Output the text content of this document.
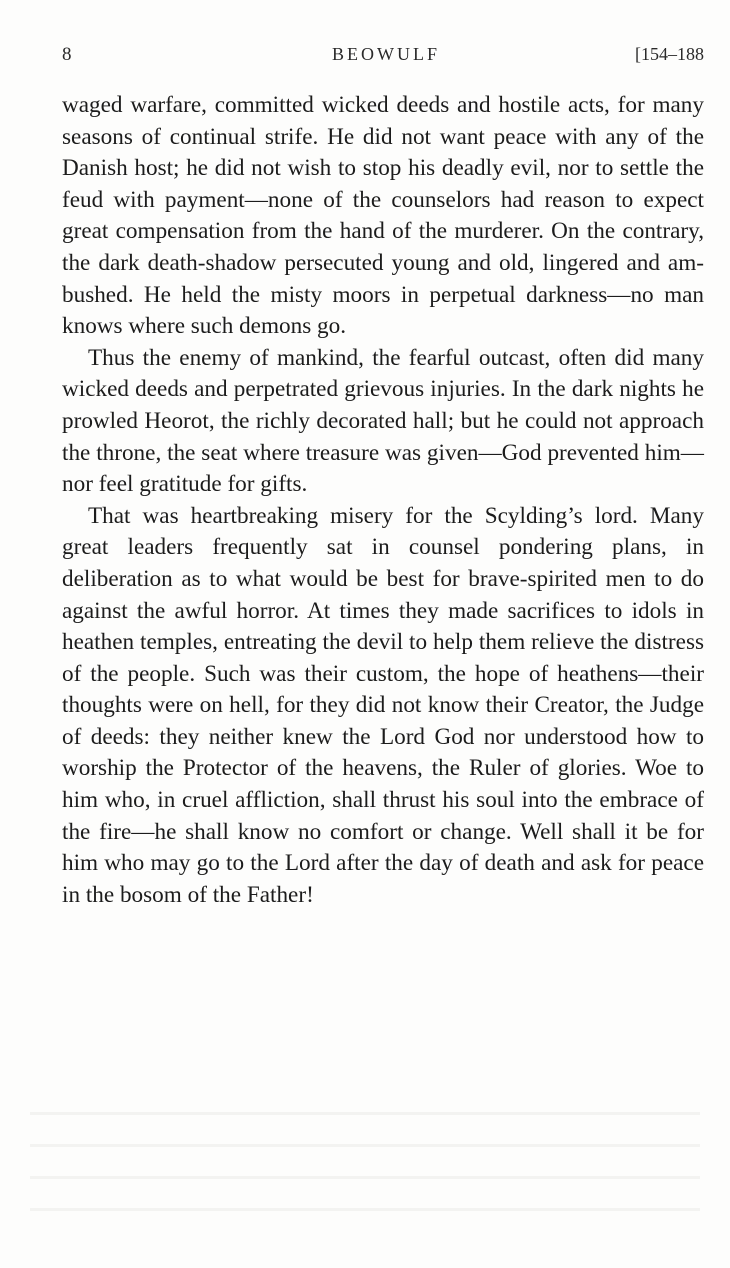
8	BEOWULF	[154–188

waged warfare, committed wicked deeds and hostile acts, for many seasons of continual strife. He did not want peace with any of the Danish host; he did not wish to stop his deadly evil, nor to settle the feud with payment—none of the counselors had reason to expect great compensation from the hand of the murderer. On the contrary, the dark death-shadow persecuted young and old, lingered and ambushed. He held the misty moors in perpetual darkness—no man knows where such demons go.

Thus the enemy of mankind, the fearful outcast, often did many wicked deeds and perpetrated grievous injuries. In the dark nights he prowled Heorot, the richly decorated hall; but he could not approach the throne, the seat where treasure was given—God prevented him—nor feel gratitude for gifts.

That was heartbreaking misery for the Scylding’s lord. Many great leaders frequently sat in counsel pondering plans, in deliberation as to what would be best for brave-spirited men to do against the awful horror. At times they made sacrifices to idols in heathen temples, entreating the devil to help them relieve the distress of the people. Such was their custom, the hope of heathens—their thoughts were on hell, for they did not know their Creator, the Judge of deeds: they neither knew the Lord God nor understood how to worship the Protector of the heavens, the Ruler of glories. Woe to him who, in cruel affliction, shall thrust his soul into the embrace of the fire—he shall know no comfort or change. Well shall it be for him who may go to the Lord after the day of death and ask for peace in the bosom of the Father!
